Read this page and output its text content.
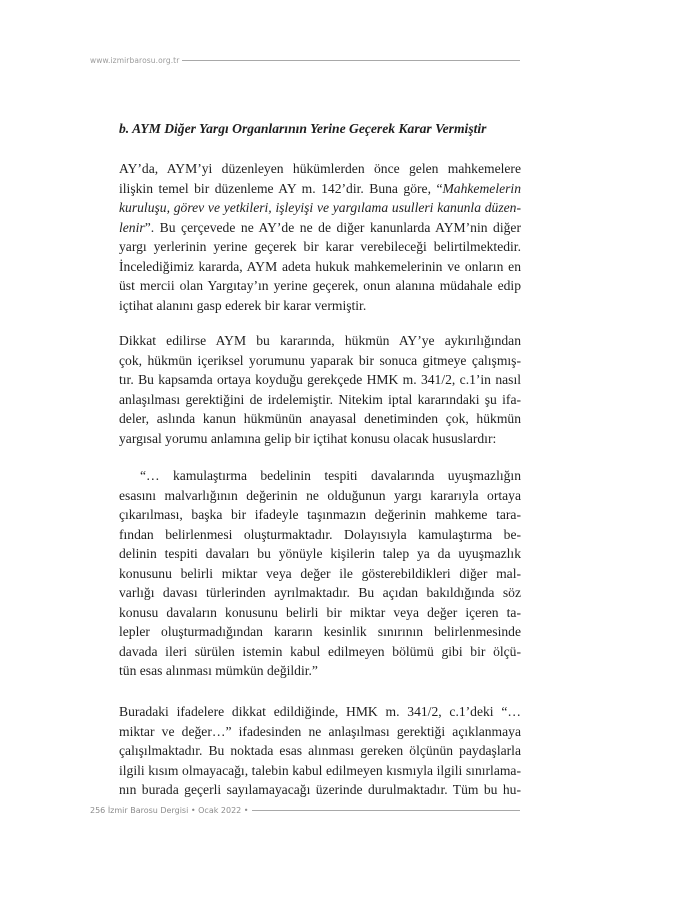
www.izmirbarosu.org.tr
b. AYM Diğer Yargı Organlarının Yerine Geçerek Karar Vermiştir
AY’da, AYM’yi düzenleyen hükümlerden önce gelen mahkemelere
ilişkin temel bir düzenleme AY m. 142’dir. Buna göre, “Mahkemelerin
kuruluşu, görev ve yetkileri, işleyişi ve yargılama usulleri kanunla düzen-
lenir”. Bu çerçevede ne AY’de ne de diğer kanunlarda AYM’nin diğer
yargı yerlerinin yerine geçerek bir karar verebileceği belirtilmektedir.
İncelediğimiz kararda, AYM adeta hukuk mahkemelerinin ve onların en
üst mercii olan Yargıtay’ın yerine geçerek, onun alanına müdahale edip
içtihat alanını gasp ederek bir karar vermiştir.
Dikkat edilirse AYM bu kararında, hükmün AY’ye aykırılığından
çok, hükmün içeriksel yorumunu yaparak bir sonuca gitmeye çalışmış-
tır. Bu kapsamda ortaya koyduğu gerekçede HMK m. 341/2, c.1’in nasıl
anlaşılması gerektiğini de irdelemiştir. Nitekim iptal kararındaki şu ifa-
deler, aslında kanun hükmünün anayasal denetiminden çok, hükmün
yargısal yorumu anlamına gelip bir içtihat konusu olacak hususlardır:
“… kamulaştırma bedelinin tespiti davalarında uyuşmazlığın
esasını malvarlığının değerinin ne olduğunun yargı kararıyla ortaya
çıkarılması, başka bir ifadeyle taşınmazın değerinin mahkeme tara-
fından belirlenmesi oluşturmaktadır. Dolayısıyla kamulaştırma be-
delinin tespiti davaları bu yönüyle kişilerin talep ya da uyuşmazlık
konusunu belirli miktar veya değer ile gösterebildikleri diğer mal-
varlığı davası türlerinden ayrılmaktadır. Bu açıdan bakıldığında söz
konusu davaların konusunu belirli bir miktar veya değer içeren ta-
lepler oluşturmadığından kararın kesinlik sınırının belirlenmesinde
davada ileri sürülen istemin kabul edilmeyen bölümü gibi bir ölçü-
tün esas alınması mümkün değildir.”
Buradaki ifadelere dikkat edildiğinde, HMK m. 341/2, c.1’deki “…
miktar ve değer…” ifadesinden ne anlaşılması gerektiği açıklanmaya
çalışılmaktadır. Bu noktada esas alınması gereken ölçünün paydaşlarla
ilgili kısım olmayacağı, talebin kabul edilmeyen kısmıyla ilgili sınırlama-
nın burada geçerli sayılamayacağı üzerinde durulmaktadır. Tüm bu hu-
256 İzmir Barosu Dergisi • Ocak 2022 •
